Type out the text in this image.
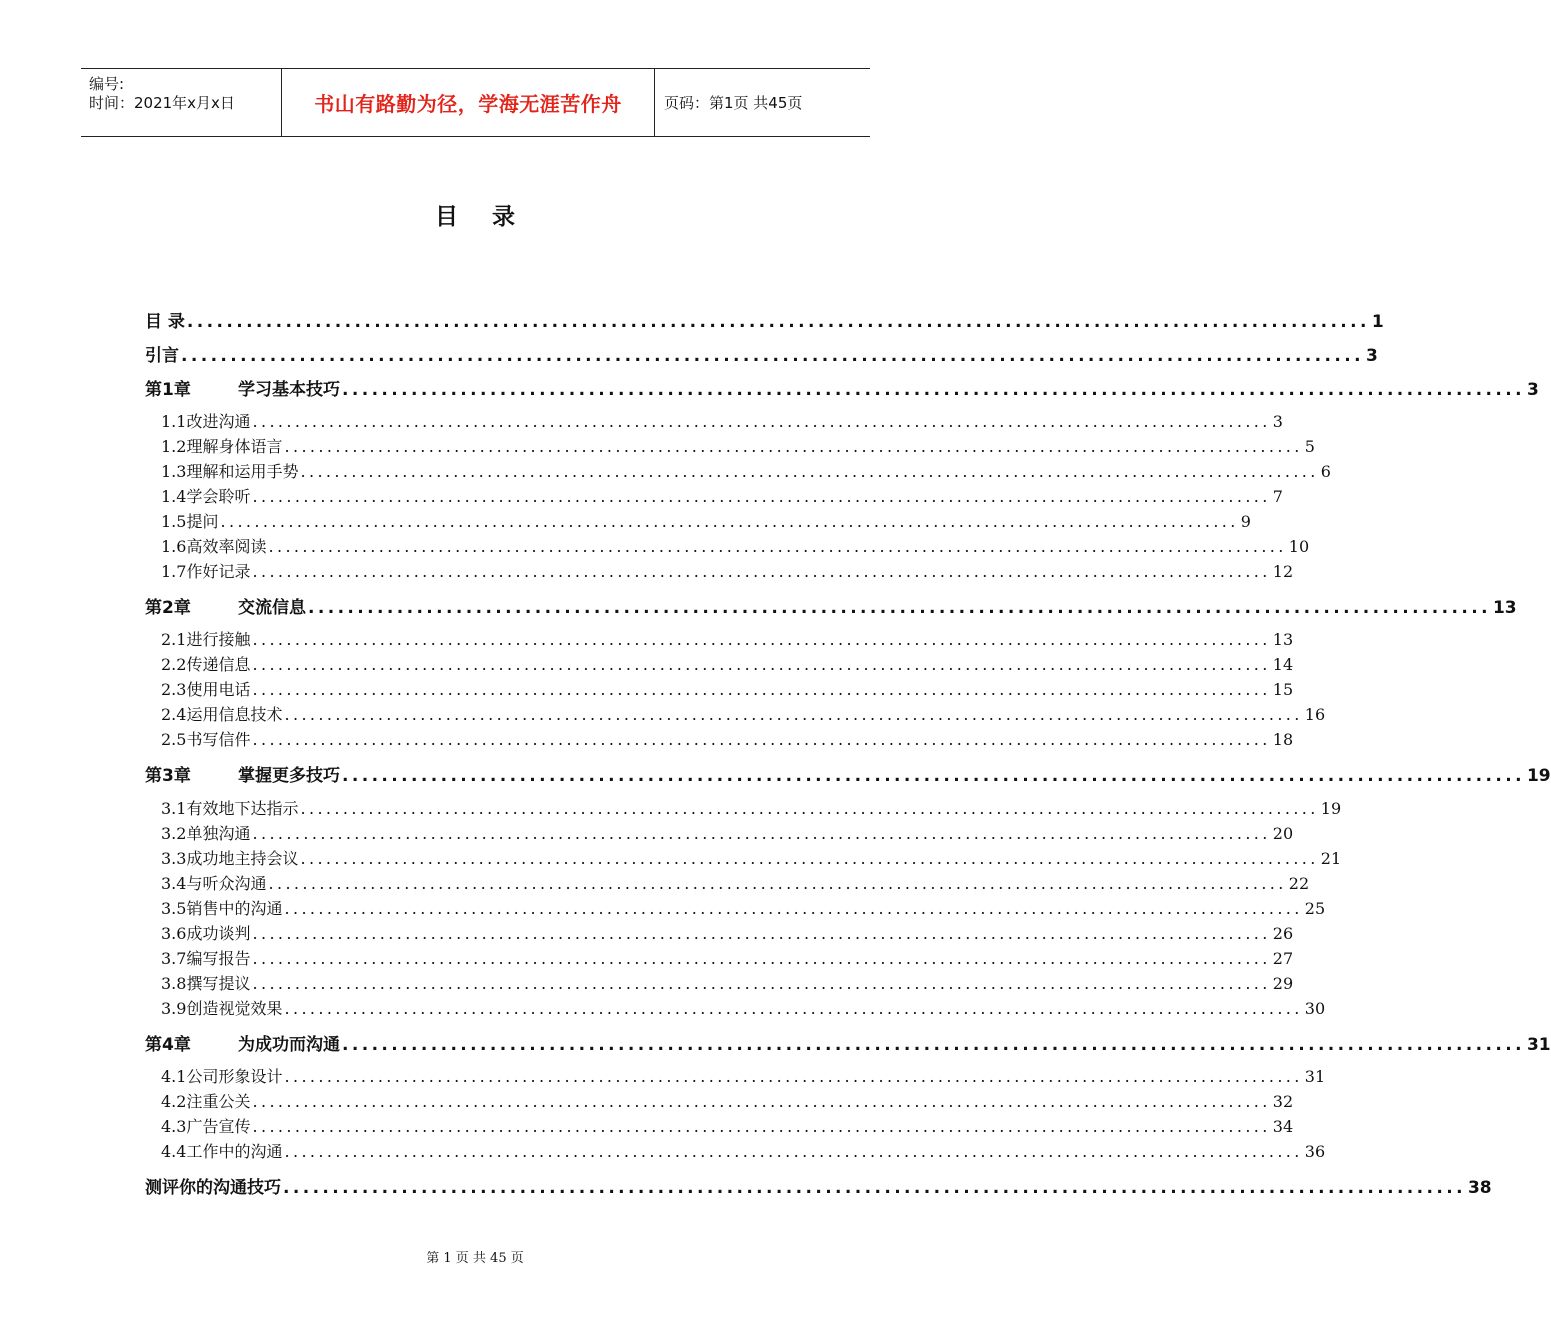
编号:
时间：2021年x月x日	书山有路勤为径，学海无涯苦作舟	页码：第1页 共45页
目录
目 录 ........................................................................................................................ 1
引言 ........................................................................................................................ 3
第1章	学习基本技巧 ........................................................................................................................ 3
1.1 改进沟通 ........................................................................................................................ 3
1.2 理解身体语言 ........................................................................................................................ 5
1.3 理解和运用手势 ........................................................................................................................ 6
1.4 学会聆听 ........................................................................................................................ 7
1.5 提问 ........................................................................................................................ 9
1.6 高效率阅读 ........................................................................................................................ 10
1.7 作好记录 ........................................................................................................................ 12
第2章	交流信息 ........................................................................................................................ 13
2.1 进行接触 ........................................................................................................................ 13
2.2 传递信息 ........................................................................................................................ 14
2.3 使用电话 ........................................................................................................................ 15
2.4 运用信息技术 ........................................................................................................................ 16
2.5 书写信件 ........................................................................................................................ 18
第3章	掌握更多技巧 ........................................................................................................................ 19
3.1 有效地下达指示 ........................................................................................................................ 19
3.2 单独沟通 ........................................................................................................................ 20
3.3 成功地主持会议 ........................................................................................................................ 21
3.4 与听众沟通 ........................................................................................................................ 22
3.5 销售中的沟通 ........................................................................................................................ 25
3.6 成功谈判 ........................................................................................................................ 26
3.7 编写报告 ........................................................................................................................ 27
3.8 撰写提议 ........................................................................................................................ 29
3.9 创造视觉效果 ........................................................................................................................ 30
第4章	为成功而沟通 ........................................................................................................................ 31
4.1 公司形象设计 ........................................................................................................................ 31
4.2 注重公关 ........................................................................................................................ 32
4.3 广告宣传 ........................................................................................................................ 34
4.4 工作中的沟通 ........................................................................................................................ 36
测评你的沟通技巧 ........................................................................................................................ 38
第 1 页 共 45 页
